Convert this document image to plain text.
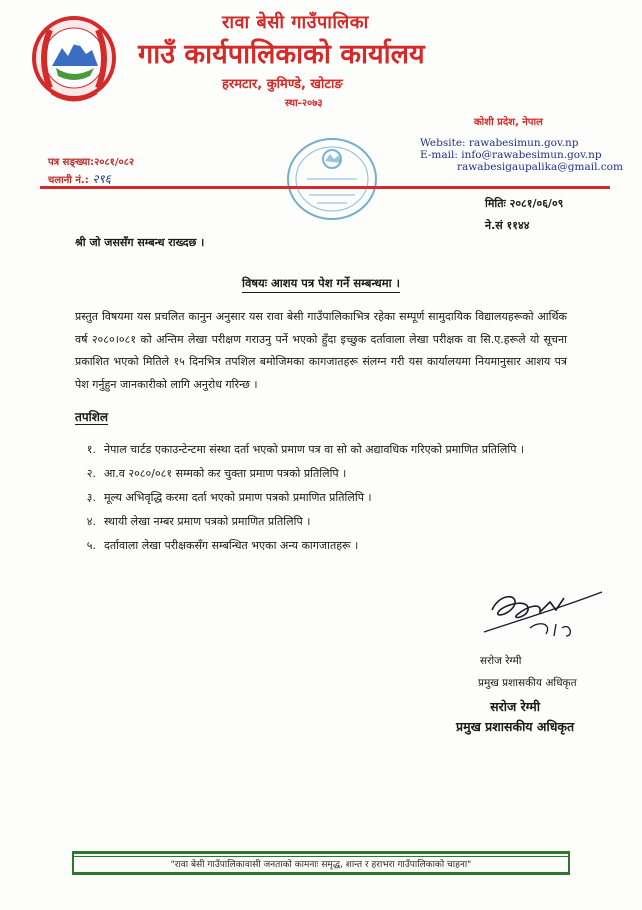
रावा बेसी गाउँपालिका
गाउँ कार्यपालिकाको कार्यालय
हरमटार, कुमिण्डे, खोटाङ
स्था-२०७३
कोशी प्रदेश, नेपाल
Website: rawabesimun.gov.np
E-mail: info@rawabesimun.gov.np
rawabesigaupalika@gmail.com
पत्र सङ्ख्या:२०८१/०८२
चलानी नं.: २९६
मितिः २०८१/०६/०९
ने.सं ११४४
श्री जो जससँग सम्बन्ध राख्दछ ।
विषयः आशय पत्र पेश गर्ने सम्बन्धमा ।
प्रस्तुत विषयमा यस प्रचलित कानुन अनुसार यस रावा बेसी गाउँपालिकाभित्र रहेका सम्पूर्ण सामुदायिक विद्यालयहरूको आर्थिक वर्ष २०८०।०८१ को अन्तिम लेखा परीक्षण गराउनु पर्ने भएको हुँदा इच्छुक दर्तावाला लेखा परीक्षक वा सि.ए.हरूले यो सूचना प्रकाशित भएको मितिले १५ दिनभित्र तपशिल बमोजिमका कागजातहरू संलग्न गरी यस कार्यालयमा नियमानुसार आशय पत्र पेश गर्नुहुन जानकारीको लागि अनुरोध गरिन्छ ।
तपशिल
१. नेपाल चार्टड एकाउन्टेन्टमा संस्था दर्ता भएको प्रमाण पत्र वा सो को अद्यावधिक गरिएको प्रमाणित प्रतिलिपि ।
२. आ.व २०८०/०८१ सम्मको कर चुक्ता प्रमाण पत्रको प्रतिलिपि ।
३. मूल्य अभिवृद्धि करमा दर्ता भएको प्रमाण पत्रको प्रमाणित प्रतिलिपि ।
४. स्थायी लेखा नम्बर प्रमाण पत्रको प्रमाणित प्रतिलिपि ।
५. दर्तावाला लेखा परीक्षकसँग सम्बन्धित भएका अन्य कागजातहरू ।
सरोज रेग्मी
प्रमुख प्रशासकीय अधिकृत
सरोज रेग्मी
प्रमुख प्रशासकीय अधिकृत
"रावा बेसी गाउँपालिकावासी जनताको कामनाः समृद्ध, शान्त र हराभरा गाउँपालिकाको चाहना"
